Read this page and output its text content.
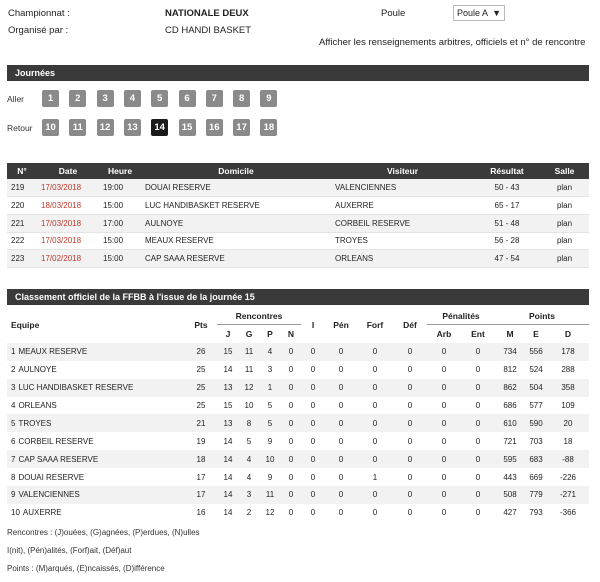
Championnat :	NATIONALE DEUX
Organisé par :	CD HANDI BASKET
Poule	Poule A ▼
Afficher les renseignements arbitres, officiels et n° de rencontre
Journées
Aller
Retour
1	2	3	4	5	6	7	8	9
10	11	12	13	14	15	16	17	18
N°	Date	Heure	Domicile	Visiteur	Résultat	Salle
219	17/03/2018	19:00	DOUAI RESERVE	VALENCIENNES	50 - 43	plan
220	18/03/2018	15:00	LUC HANDIBASKET RESERVE	AUXERRE	65 - 17	plan
221	17/03/2018	17:00	AULNOYE	CORBEIL RESERVE	51 - 48	plan
222	17/03/2018	15:00	MEAUX RESERVE	TROYES	56 - 28	plan
223	17/02/2018	15:00	CAP SAAA RESERVE	ORLEANS	47 - 54	plan
Classement officiel de la FFBB à l'issue de la journée 15
Equipe	Pts	Rencontres				I	Pén	Forf	Déf	Pénalités		Points		
		J	G	P	N					Arb	Ent	M	E	D
1 MEAUX RESERVE	26	15	11	4	0	0	0	0	0	0	0	734	556	178
2 AULNOYE	25	14	11	3	0	0	0	0	0	0	0	812	524	288
3 LUC HANDIBASKET RESERVE	25	13	12	1	0	0	0	0	0	0	0	862	504	358
4 ORLEANS	25	15	10	5	0	0	0	0	0	0	0	686	577	109
5 TROYES	21	13	8	5	0	0	0	0	0	0	0	610	590	20
6 CORBEIL RESERVE	19	14	5	9	0	0	0	0	0	0	0	721	703	18
7 CAP SAAA RESERVE	18	14	4	10	0	0	0	0	0	0	0	595	683	-88
8 DOUAI RESERVE	17	14	4	9	0	0	0	1	0	0	0	443	669	-226
9 VALENCIENNES	17	14	3	11	0	0	0	0	0	0	0	508	779	-271
10 AUXERRE	16	14	2	12	0	0	0	0	0	0	0	427	793	-366
Rencontres : (J)ouées, (G)agnées, (P)erdues, (N)ulles
I(nit), (Pén)alités, (Forf)ait, (Déf)aut
Points : (M)arqués, (E)ncaissés, (D)ifférence
